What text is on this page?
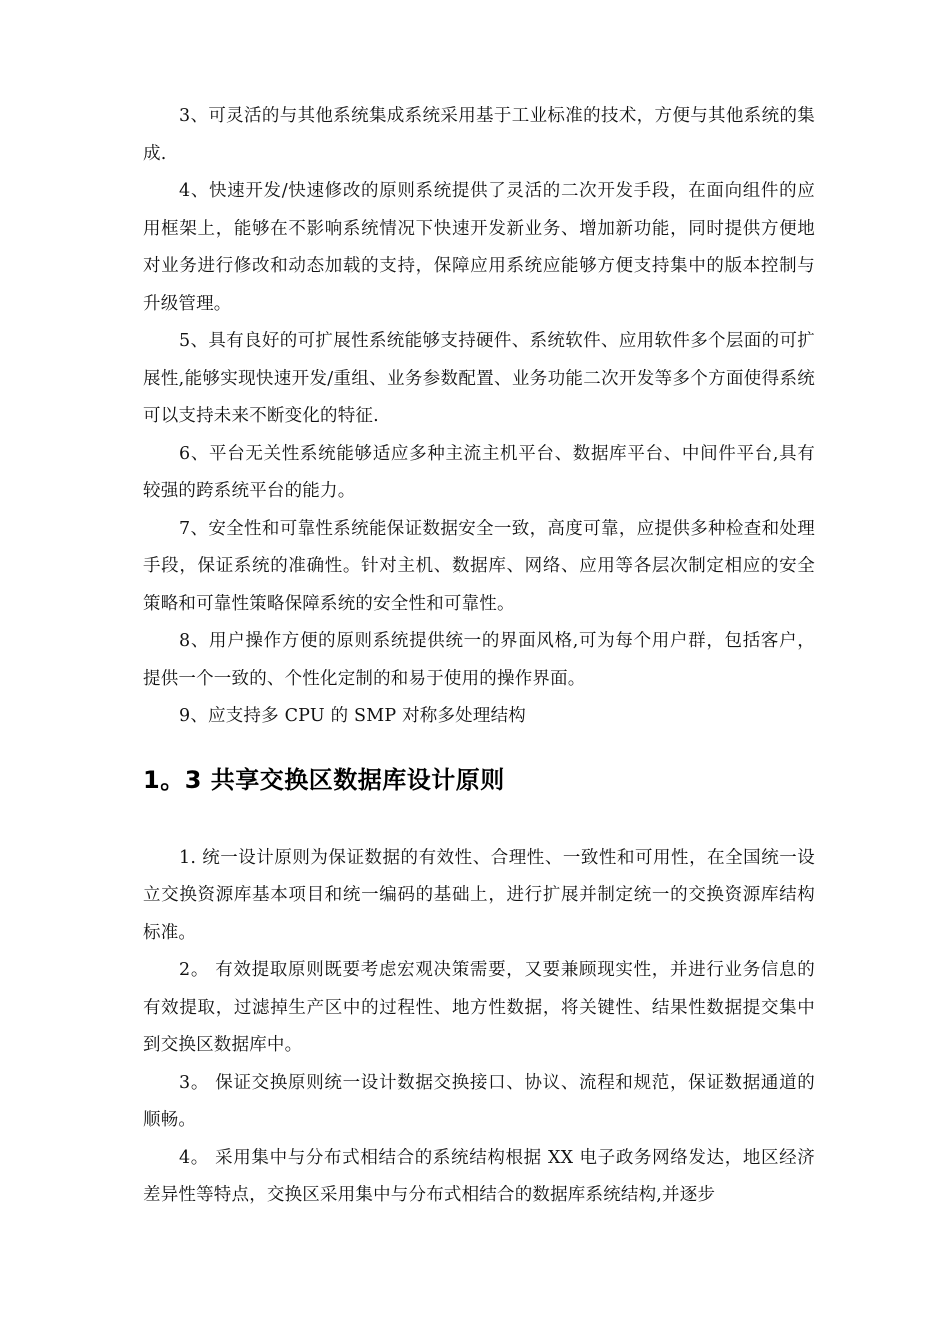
3、可灵活的与其他系统集成系统采用基于工业标准的技术，方便与其他系统的集成.

4、快速开发/快速修改的原则系统提供了灵活的二次开发手段，在面向组件的应用框架上，能够在不影响系统情况下快速开发新业务、增加新功能，同时提供方便地对业务进行修改和动态加载的支持，保障应用系统应能够方便支持集中的版本控制与升级管理。

5、具有良好的可扩展性系统能够支持硬件、系统软件、应用软件多个层面的可扩展性,能够实现快速开发/重组、业务参数配置、业务功能二次开发等多个方面使得系统可以支持未来不断变化的特征.

6、平台无关性系统能够适应多种主流主机平台、数据库平台、中间件平台,具有较强的跨系统平台的能力。

7、安全性和可靠性系统能保证数据安全一致，高度可靠，应提供多种检查和处理手段，保证系统的准确性。针对主机、数据库、网络、应用等各层次制定相应的安全策略和可靠性策略保障系统的安全性和可靠性。

8、用户操作方便的原则系统提供统一的界面风格,可为每个用户群，包括客户，提供一个一致的、个性化定制的和易于使用的操作界面。

9、应支持多 CPU 的 SMP 对称多处理结构

1。3 共享交换区数据库设计原则

1. 统一设计原则为保证数据的有效性、合理性、一致性和可用性，在全国统一设立交换资源库基本项目和统一编码的基础上，进行扩展并制定统一的交换资源库结构标准。

2。 有效提取原则既要考虑宏观决策需要，又要兼顾现实性，并进行业务信息的有效提取，过滤掉生产区中的过程性、地方性数据，将关键性、结果性数据提交集中到交换区数据库中。

3。 保证交换原则统一设计数据交换接口、协议、流程和规范，保证数据通道的顺畅。

4。 采用集中与分布式相结合的系统结构根据 XX 电子政务网络发达，地区经济差异性等特点，交换区采用集中与分布式相结合的数据库系统结构,并逐步
